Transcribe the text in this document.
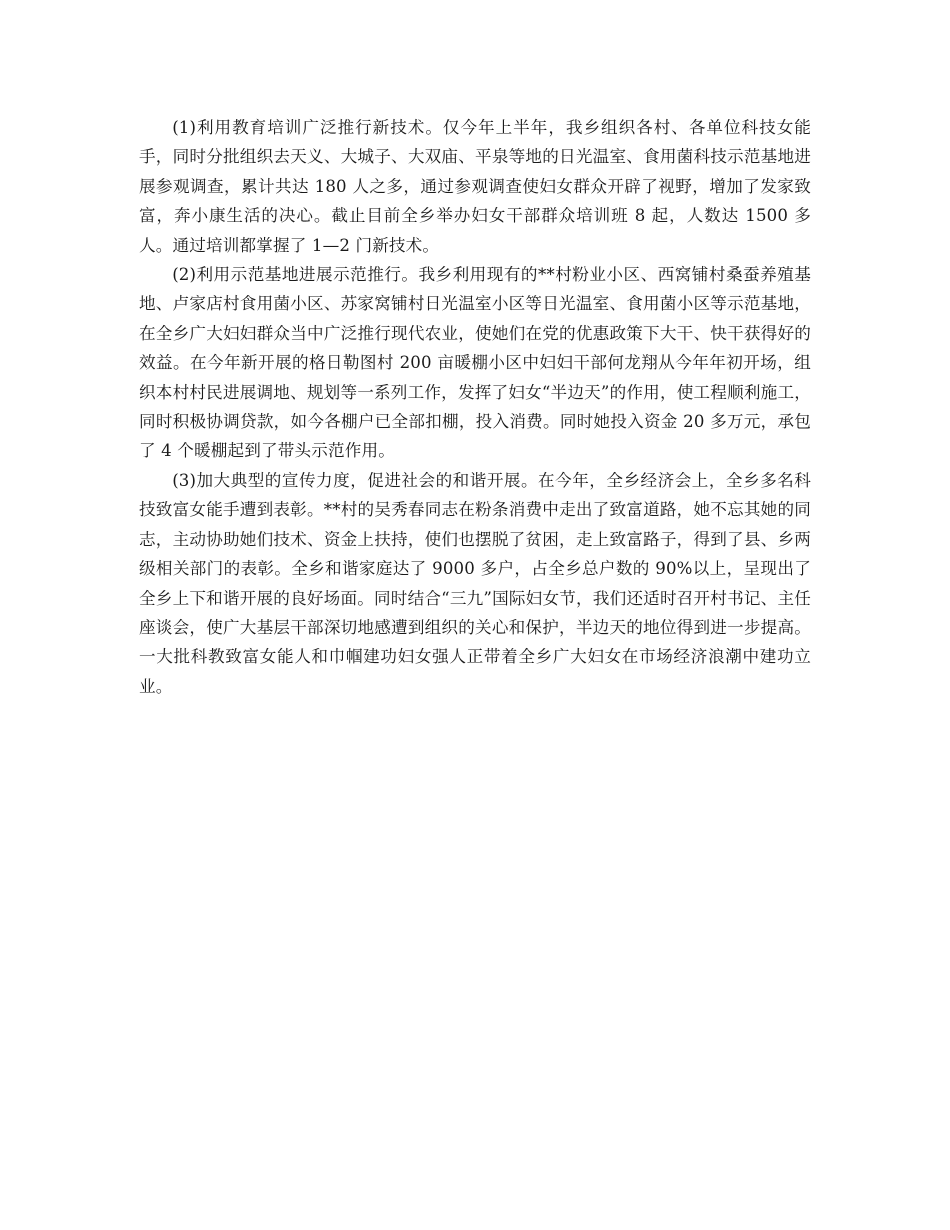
(1)利用教育培训广泛推行新技术。仅今年上半年，我乡组织各村、各单位科技女能手，同时分批组织去天义、大城子、大双庙、平泉等地的日光温室、食用菌科技示范基地进展参观调查，累计共达 180 人之多，通过参观调查使妇女群众开辟了视野，增加了发家致富，奔小康生活的决心。截止目前全乡举办妇女干部群众培训班 8 起，人数达 1500 多人。通过培训都掌握了 1—2 门新技术。

(2)利用示范基地进展示范推行。我乡利用现有的**村粉业小区、西窝铺村桑蚕养殖基地、卢家店村食用菌小区、苏家窝铺村日光温室小区等日光温室、食用菌小区等示范基地，在全乡广大妇妇群众当中广泛推行现代农业，使她们在党的优惠政策下大干、快干获得好的效益。在今年新开展的格日勒图村 200 亩暖棚小区中妇妇干部何龙翔从今年年初开场，组织本村村民进展调地、规划等一系列工作，发挥了妇女“半边天”的作用，使工程顺利施工，同时积极协调贷款，如今各棚户已全部扣棚，投入消费。同时她投入资金 20 多万元，承包了 4 个暖棚起到了带头示范作用。

(3)加大典型的宣传力度，促进社会的和谐开展。在今年，全乡经济会上，全乡多名科技致富女能手遭到表彰。**村的吴秀春同志在粉条消费中走出了致富道路，她不忘其她的同志，主动协助她们技术、资金上扶持，使们也摆脱了贫困，走上致富路子，得到了县、乡两级相关部门的表彰。全乡和谐家庭达了 9000 多户，占全乡总户数的 90%以上，呈现出了全乡上下和谐开展的良好场面。同时结合“三九”国际妇女节，我们还适时召开村书记、主任座谈会，使广大基层干部深切地感遭到组织的关心和保护，半边天的地位得到进一步提高。一大批科教致富女能人和巾帼建功妇女强人正带着全乡广大妇女在市场经济浪潮中建功立业。
